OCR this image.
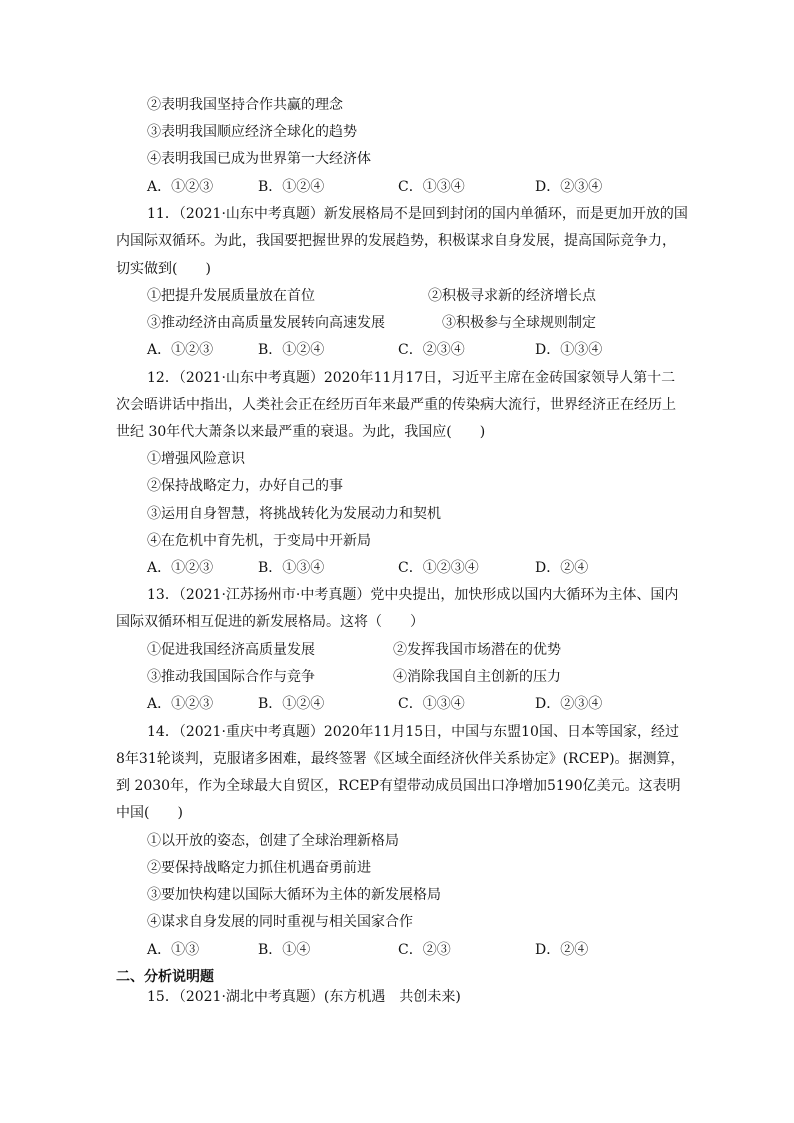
②表明我国坚持合作共赢的理念
③表明我国顺应经济全球化的趋势
④表明我国已成为世界第一大经济体
A．①②③	B．①②④	C．①③④	D．②③④
11．（2021·山东中考真题）新发展格局不是回到封闭的国内单循环，而是更加开放的国
内国际双循环。为此，我国要把握世界的发展趋势，积极谋求自身发展，提高国际竞争力，
切实做到(　　)
①把提升发展质量放在首位	②积极寻求新的经济增长点
③推动经济由高质量发展转向高速发展	③积极参与全球规则制定
A．①②③	B．①②④	C．②③④	D．①③④
12．（2021·山东中考真题）2020年11月17日，习近平主席在金砖国家领导人第十二
次会晤讲话中指出，人类社会正在经历百年来最严重的传染病大流行，世界经济正在经历上
世纪 30年代大萧条以来最严重的衰退。为此，我国应(　　)
①增强风险意识
②保持战略定力，办好自己的事
③运用自身智慧，将挑战转化为发展动力和契机
④在危机中育先机，于变局中开新局
A．①②③	B．①③④	C．①②③④	D．②④
13．（2021·江苏扬州市·中考真题）党中央提出，加快形成以国内大循环为主体、国内
国际双循环相互促进的新发展格局。这将（　　）
①促进我国经济高质量发展	②发挥我国市场潜在的优势
③推动我国国际合作与竞争	④消除我国自主创新的压力
A．①②③	B．①②④	C．①③④	D．②③④
14．（2021·重庆中考真题）2020年11月15日，中国与东盟10国、日本等国家，经过
8年31轮谈判，克服诸多困难，最终签署《区域全面经济伙伴关系协定》(RCEP)。据测算，
到 2030年，作为全球最大自贸区，RCEP有望带动成员国出口净增加5190亿美元。这表明
中国(　　)
①以开放的姿态，创建了全球治理新格局
②要保持战略定力抓住机遇奋勇前进
③要加快构建以国际大循环为主体的新发展格局
④谋求自身发展的同时重视与相关国家合作
A．①③	B．①④	C．②③	D．②④
二、分析说明题
15．（2021·湖北中考真题）(东方机遇　共创未来)
